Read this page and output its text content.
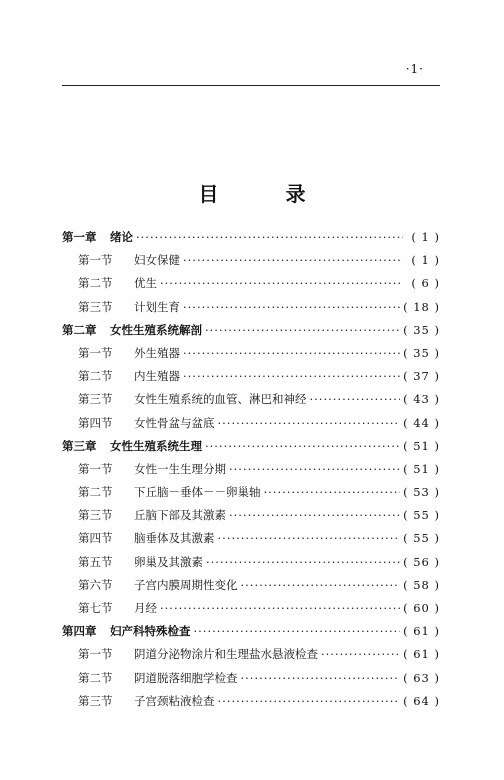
·1·
目 录
第一章	绪论 ·····	( 1 )
第一节	妇女保健 ·····	( 1 )
第二节	优生 ·····	( 6 )
第三节	计划生育 ·····	( 18 )
第二章	女性生殖系统解剖 ·····	( 35 )
第一节	外生殖器 ·····	( 35 )
第二节	内生殖器 ·····	( 37 )
第三节	女性生殖系统的血管、淋巴和神经 ·····	( 43 )
第四节	女性骨盆与盆底 ·····	( 44 )
第三章	女性生殖系统生理 ·····	( 51 )
第一节	女性一生生理分期 ·····	( 51 )
第二节	下丘脑－垂体－－卵巢轴 ·····	( 53 )
第三节	丘脑下部及其激素 ·····	( 55 )
第四节	脑垂体及其激素 ·····	( 55 )
第五节	卵巢及其激素 ·····	( 56 )
第六节	子宫内膜周期性变化 ·····	( 58 )
第七节	月经 ·····	( 60 )
第四章	妇产科特殊检查 ·····	( 61 )
第一节	阴道分泌物涂片和生理盐水悬液检查 ·····	( 61 )
第二节	阴道脱落细胞学检查 ·····	( 63 )
第三节	子宫颈粘液检查 ·····	( 64 )
